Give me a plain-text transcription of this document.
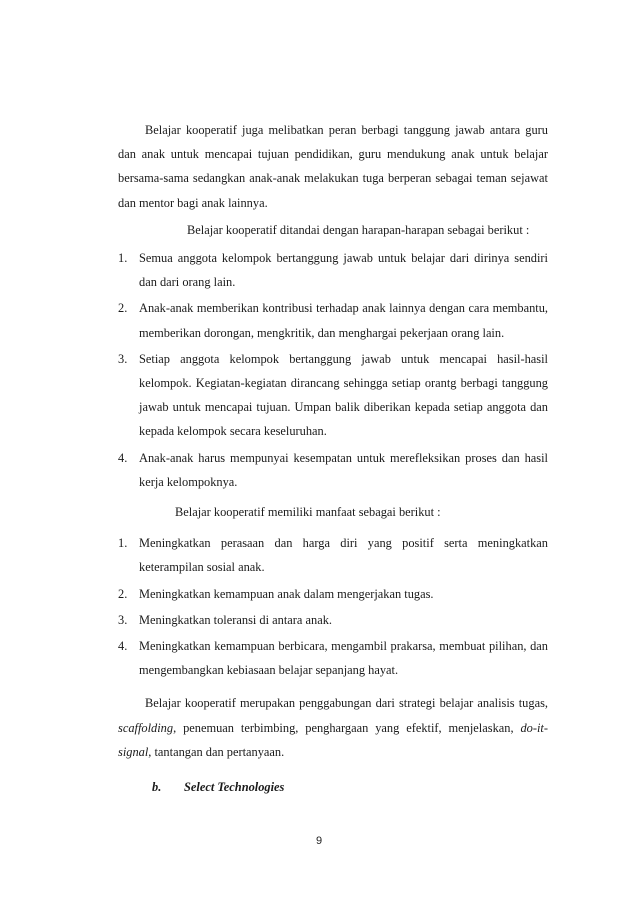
Belajar kooperatif juga melibatkan peran berbagi tanggung jawab antara guru dan anak untuk mencapai tujuan pendidikan, guru mendukung anak untuk belajar bersama-sama sedangkan anak-anak melakukan tuga berperan sebagai teman sejawat dan mentor bagi anak lainnya.

Belajar kooperatif ditandai dengan harapan-harapan sebagai berikut :

1. Semua anggota kelompok bertanggung jawab untuk belajar dari dirinya sendiri dan dari orang lain.
2. Anak-anak memberikan kontribusi terhadap anak lainnya dengan cara membantu, memberikan dorongan, mengkritik, dan menghargai pekerjaan orang lain.
3. Setiap anggota kelompok bertanggung jawab untuk mencapai hasil-hasil kelompok. Kegiatan-kegiatan dirancang sehingga setiap orantg berbagi tanggung jawab untuk mencapai tujuan. Umpan balik diberikan kepada setiap anggota dan kepada kelompok secara keseluruhan.
4. Anak-anak harus mempunyai kesempatan untuk merefleksikan proses dan hasil kerja kelompoknya.

Belajar kooperatif memiliki manfaat sebagai berikut :

1. Meningkatkan perasaan dan harga diri yang positif serta meningkatkan keterampilan sosial anak.
2. Meningkatkan kemampuan anak dalam mengerjakan tugas.
3. Meningkatkan toleransi di antara anak.
4. Meningkatkan kemampuan berbicara, mengambil prakarsa, membuat pilihan, dan mengembangkan kebiasaan belajar sepanjang hayat.

Belajar kooperatif merupakan penggabungan dari strategi belajar analisis tugas, scaffolding, penemuan terbimbing, penghargaan yang efektif, menjelaskan, do-it-signal, tantangan dan pertanyaan.

b. Select Technologies
9
